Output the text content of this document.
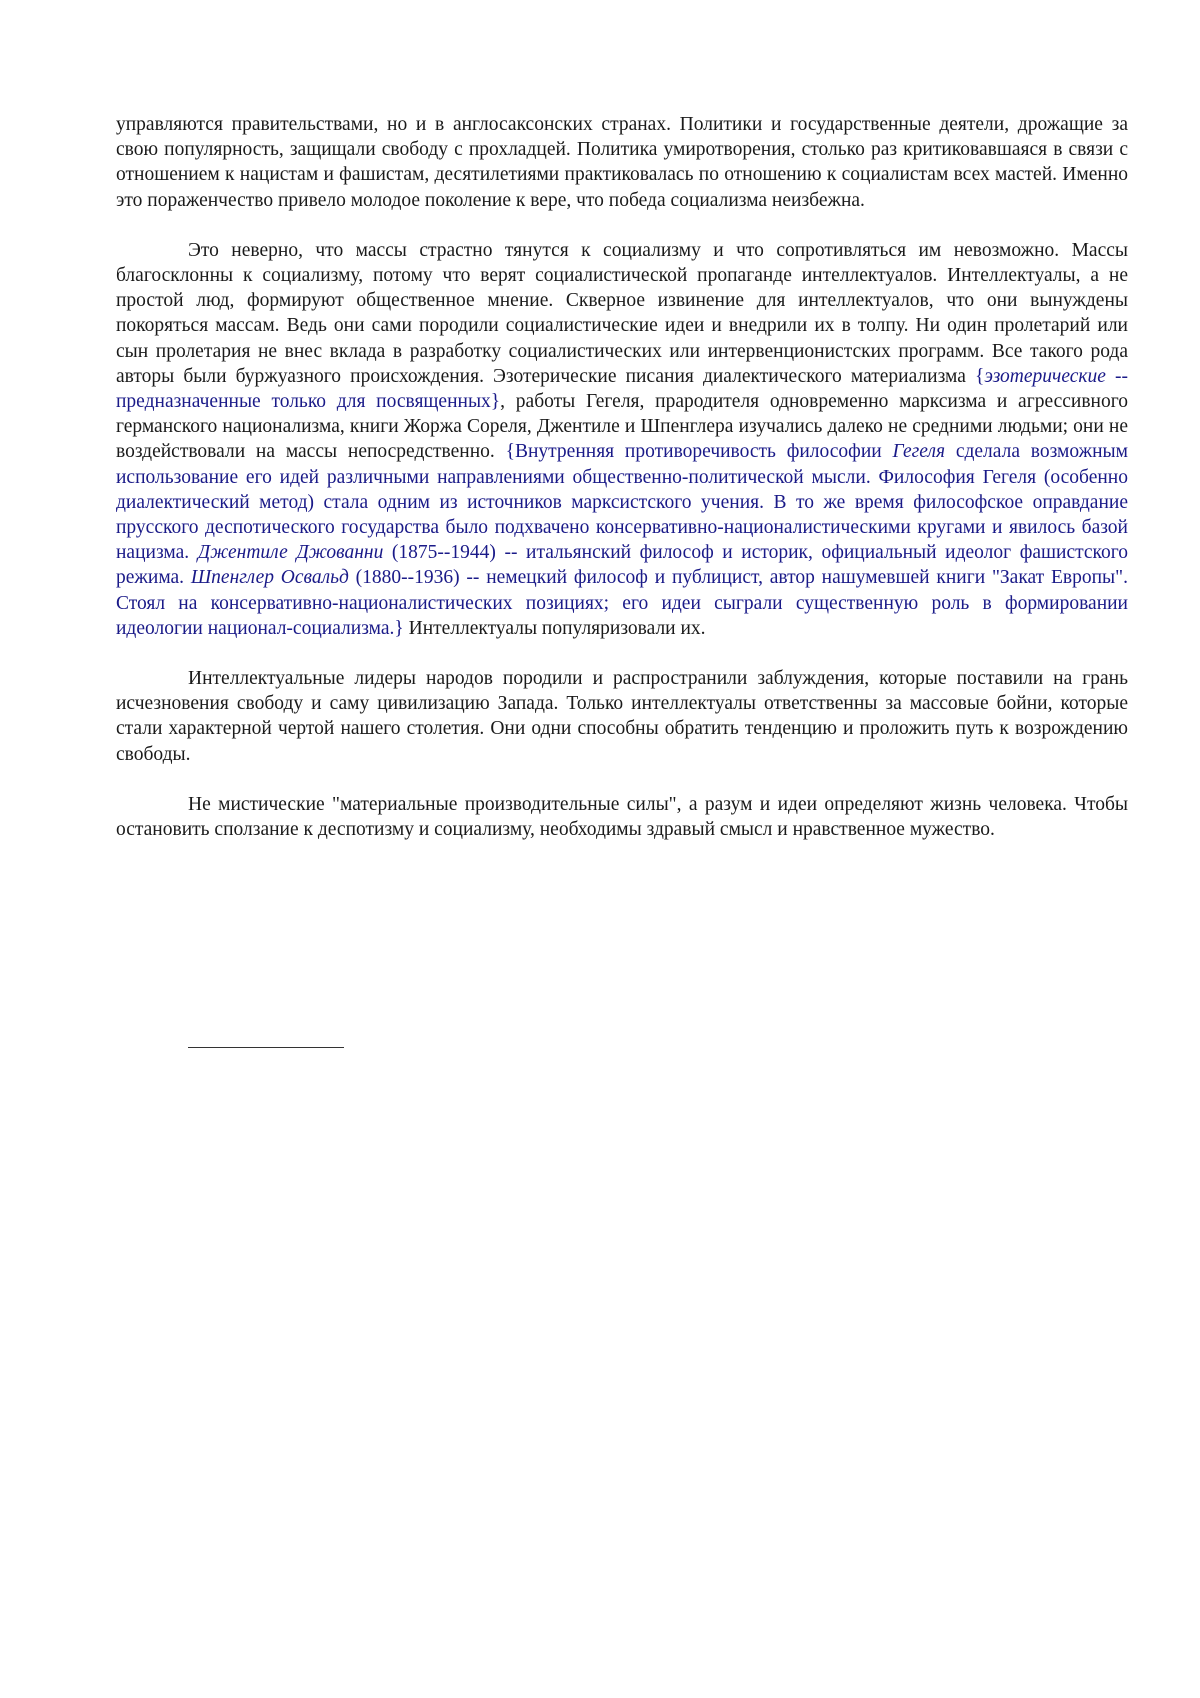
управляются правительствами, но и в англосаксонских странах. Политики и государственные деятели, дрожащие за свою популярность, защищали свободу с прохладцей. Политика умиротворения, столько раз критиковавшаяся в связи с отношением к нацистам и фашистам, десятилетиями практиковалась по отношению к социалистам всех мастей. Именно это пораженчество привело молодое поколение к вере, что победа социализма неизбежна.

Это неверно, что массы страстно тянутся к социализму и что сопротивляться им невозможно. Массы благосклонны к социализму, потому что верят социалистической пропаганде интеллектуалов. Интеллектуалы, а не простой люд, формируют общественное мнение. Скверное извинение для интеллектуалов, что они вынуждены покоряться массам. Ведь они сами породили социалистические идеи и внедрили их в толпу. Ни один пролетарий или сын пролетария не внес вклада в разработку социалистических или интервенционистских программ. Все такого рода авторы были буржуазного происхождения. Эзотерические писания диалектического материализма {эзотерические -- предназначенные только для посвященных}, работы Гегеля, прародителя одновременно марксизма и агрессивного германского национализма, книги Жоржа Сореля, Джентиле и Шпенглера изучались далеко не средними людьми; они не воздействовали на массы непосредственно. {Внутренняя противоречивость философии Гегеля сделала возможным использование его идей различными направлениями общественно-политической мысли. Философия Гегеля (особенно диалектический метод) стала одним из источников марксистского учения. В то же время философское оправдание прусского деспотического государства было подхвачено консервативно-националистическими кругами и явилось базой нацизма. Джентиле Джованни (1875--1944) -- итальянский философ и историк, официальный идеолог фашистского режима. Шпенглер Освальд (1880--1936) -- немецкий философ и публицист, автор нашумевшей книги "Закат Европы". Стоял на консервативно-националистических позициях; его идеи сыграли существенную роль в формировании идеологии национал-социализма.} Интеллектуалы популяризовали их.

Интеллектуальные лидеры народов породили и распространили заблуждения, которые поставили на грань исчезновения свободу и саму цивилизацию Запада. Только интеллектуалы ответственны за массовые бойни, которые стали характерной чертой нашего столетия. Они одни способны обратить тенденцию и проложить путь к возрождению свободы.

Не мистические "материальные производительные силы", а разум и идеи определяют жизнь человека. Чтобы остановить сползание к деспотизму и социализму, необходимы здравый смысл и нравственное мужество.
